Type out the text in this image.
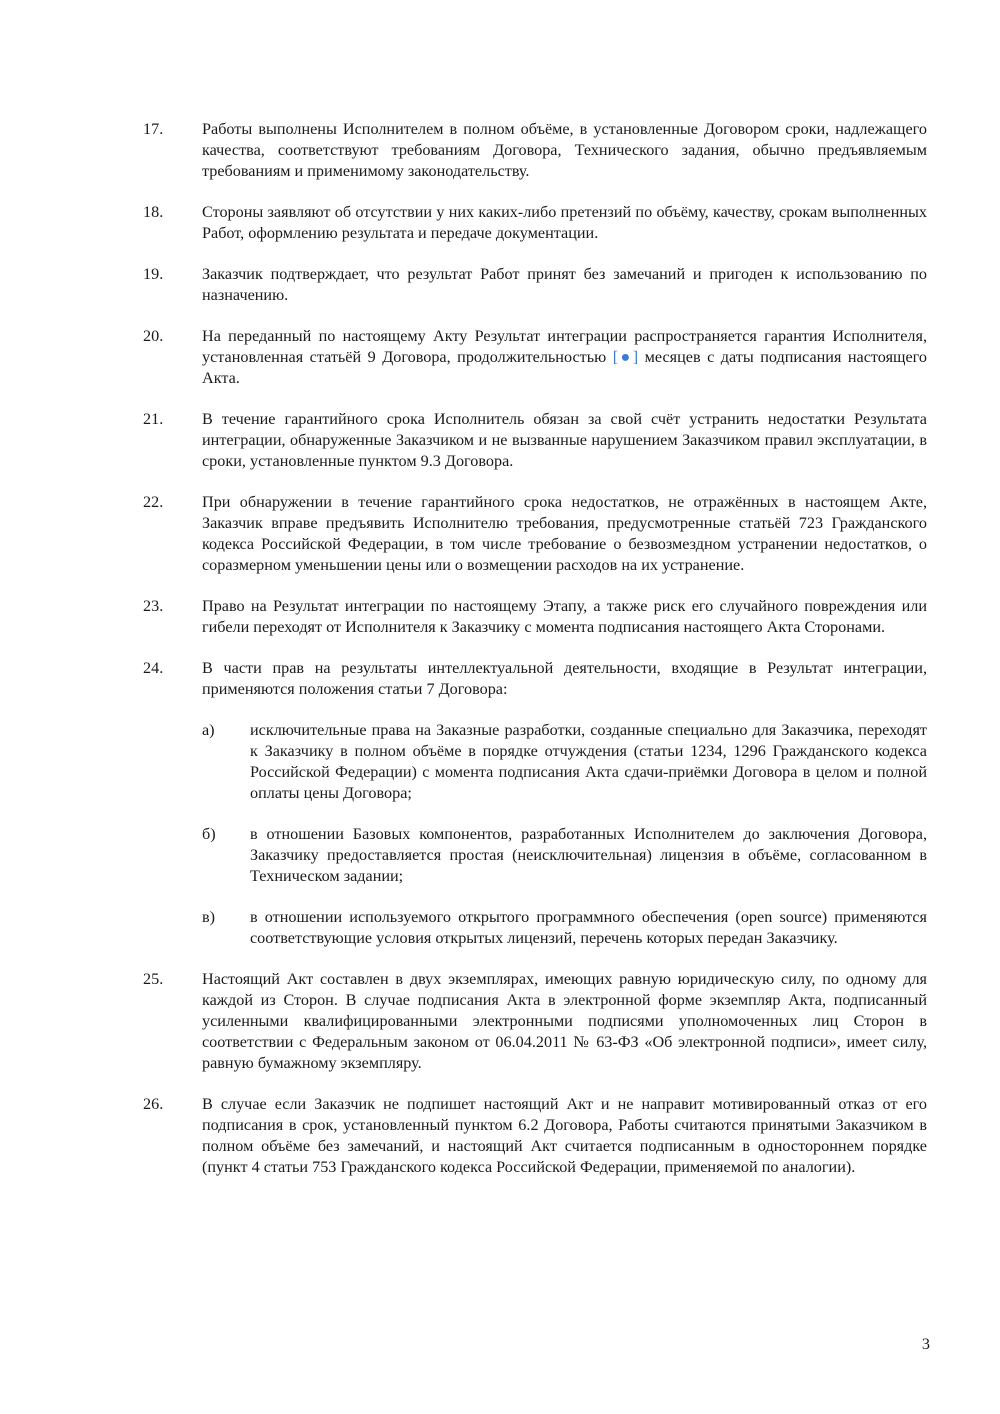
17.	Работы выполнены Исполнителем в полном объёме, в установленные Договором сроки, надлежащего качества, соответствуют требованиям Договора, Технического задания, обычно предъявляемым требованиям и применимому законодательству.
18.	Стороны заявляют об отсутствии у них каких-либо претензий по объёму, качеству, срокам выполненных Работ, оформлению результата и передаче документации.
19.	Заказчик подтверждает, что результат Работ принят без замечаний и пригоден к использованию по назначению.
20.	На переданный по настоящему Акту Результат интеграции распространяется гарантия Исполнителя, установленная статьёй 9 Договора, продолжительностью [●] месяцев с даты подписания настоящего Акта.
21.	В течение гарантийного срока Исполнитель обязан за свой счёт устранить недостатки Результата интеграции, обнаруженные Заказчиком и не вызванные нарушением Заказчиком правил эксплуатации, в сроки, установленные пунктом 9.3 Договора.
22.	При обнаружении в течение гарантийного срока недостатков, не отражённых в настоящем Акте, Заказчик вправе предъявить Исполнителю требования, предусмотренные статьёй 723 Гражданского кодекса Российской Федерации, в том числе требование о безвозмездном устранении недостатков, о соразмерном уменьшении цены или о возмещении расходов на их устранение.
23.	Право на Результат интеграции по настоящему Этапу, а также риск его случайного повреждения или гибели переходят от Исполнителя к Заказчику с момента подписания настоящего Акта Сторонами.
24.	В части прав на результаты интеллектуальной деятельности, входящие в Результат интеграции, применяются положения статьи 7 Договора:
а)	исключительные права на Заказные разработки, созданные специально для Заказчика, переходят к Заказчику в полном объёме в порядке отчуждения (статьи 1234, 1296 Гражданского кодекса Российской Федерации) с момента подписания Акта сдачи-приёмки Договора в целом и полной оплаты цены Договора;
б)	в отношении Базовых компонентов, разработанных Исполнителем до заключения Договора, Заказчику предоставляется простая (неисключительная) лицензия в объёме, согласованном в Техническом задании;
в)	в отношении используемого открытого программного обеспечения (open source) применяются соответствующие условия открытых лицензий, перечень которых передан Заказчику.
25.	Настоящий Акт составлен в двух экземплярах, имеющих равную юридическую силу, по одному для каждой из Сторон. В случае подписания Акта в электронной форме экземпляр Акта, подписанный усиленными квалифицированными электронными подписями уполномоченных лиц Сторон в соответствии с Федеральным законом от 06.04.2011 № 63-ФЗ «Об электронной подписи», имеет силу, равную бумажному экземпляру.
26.	В случае если Заказчик не подпишет настоящий Акт и не направит мотивированный отказ от его подписания в срок, установленный пунктом 6.2 Договора, Работы считаются принятыми Заказчиком в полном объёме без замечаний, и настоящий Акт считается подписанным в одностороннем порядке (пункт 4 статьи 753 Гражданского кодекса Российской Федерации, применяемой по аналогии).
3
